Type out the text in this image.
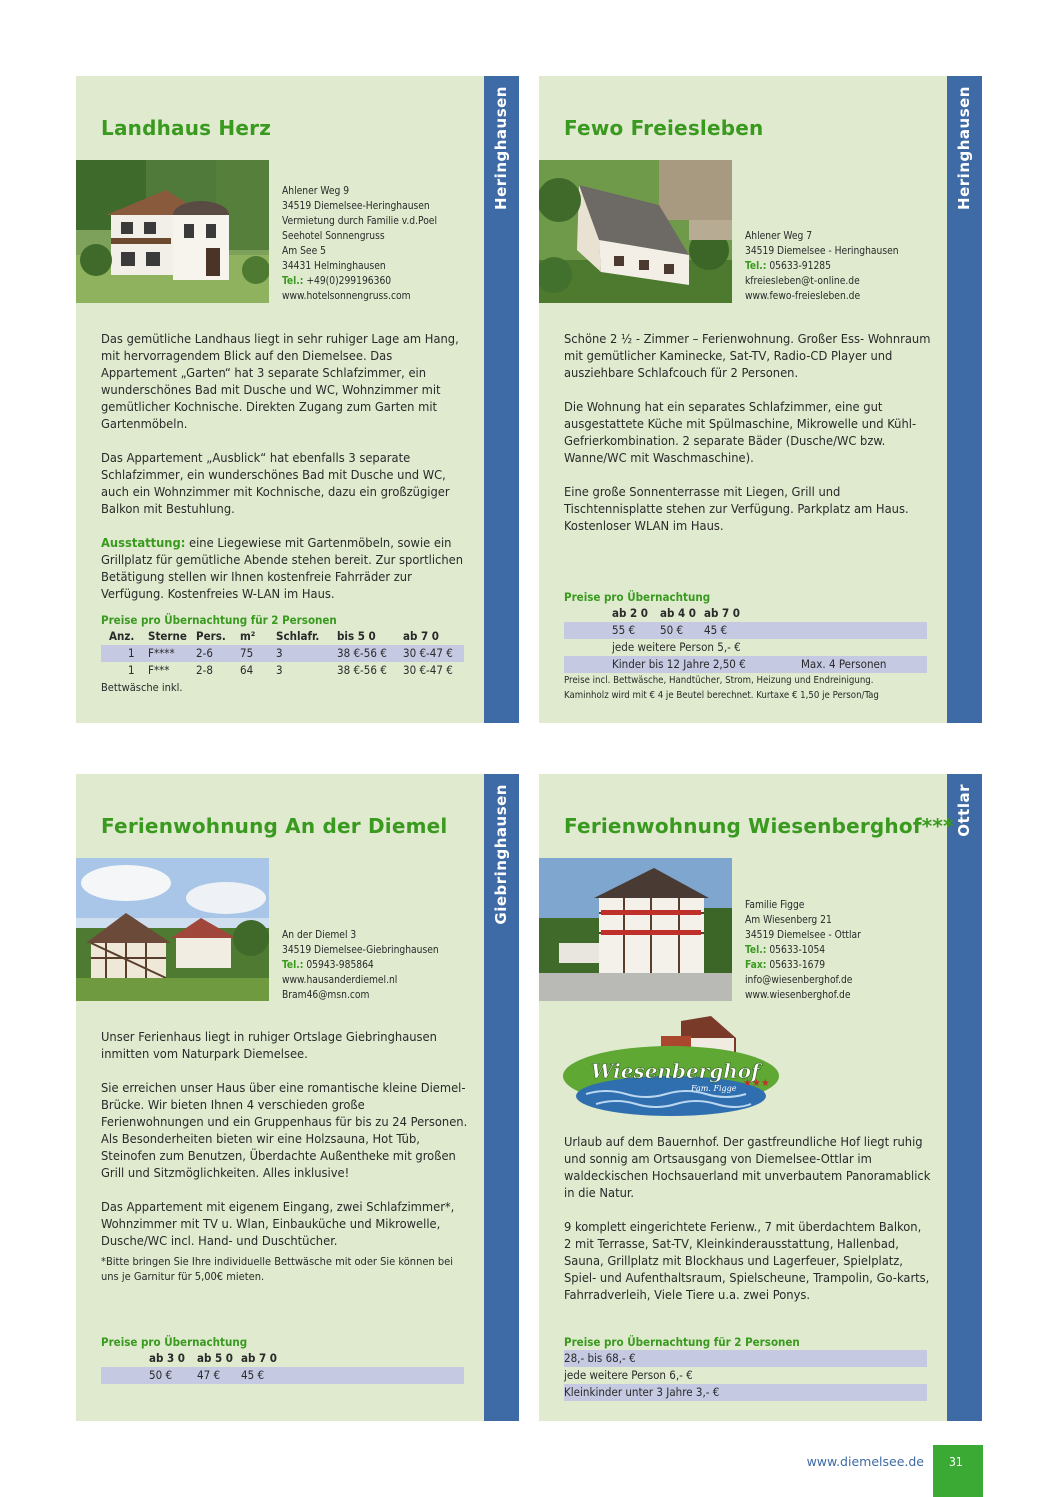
Heringhausen
Landhaus Herz
Ahlener Weg 9
34519 Diemelsee-Heringhausen
Vermietung durch Familie v.d.Poel
Seehotel Sonnengruss
Am See 5
34431 Helminghausen
Tel.: +49(0)299196360
www.hotelsonnengruss.com

Das gemütliche Landhaus liegt in sehr ruhiger Lage am Hang, mit hervorragendem Blick auf den Diemelsee. Das Appartement „Garten“ hat 3 separate Schlafzimmer, ein wunderschönes Bad mit Dusche und WC, Wohnzimmer mit gemütlicher Kochnische. Direkten Zugang zum Garten mit Gartenmöbeln.

Das Appartement „Ausblick“ hat ebenfalls 3 separate Schlafzimmer, ein wunderschönes Bad mit Dusche und WC, auch ein Wohnzimmer mit Kochnische, dazu ein großzügiger Balkon mit Bestuhlung.

Ausstattung: eine Liegewiese mit Gartenmöbeln, sowie ein Grillplatz für gemütliche Abende stehen bereit. Zur sportlichen Betätigung stellen wir Ihnen kostenfreie Fahrräder zur Verfügung. Kostenfreies W-LAN im Haus.

Preise pro Übernachtung für 2 Personen
Anz.	Sterne Pers.	m²	Schlafr.	bis 5 0	ab 7 0
1	F****	2-6	75	3	38 €-56 €	30 €-47 €
1	F***	2-8	64	3	38 €-56 €	30 €-47 €
Bettwäsche inkl.
Heringhausen
Fewo Freiesleben
Ahlener Weg 7
34519 Diemelsee - Heringhausen
Tel.: 05633-91285
kfreiesleben@t-online.de
www.fewo-freiesleben.de

Schöne 2 ½ - Zimmer – Ferienwohnung. Großer Ess- Wohnraum mit gemütlicher Kaminecke, Sat-TV, Radio-CD Player und ausziehbare Schlafcouch für 2 Personen.

Die Wohnung hat ein separates Schlafzimmer, eine gut ausgestattete Küche mit Spülmaschine, Mikrowelle und Kühl-Gefrierkombination. 2 separate Bäder (Dusche/WC bzw. Wanne/WC mit Waschmaschine).

Eine große Sonnenterrasse mit Liegen, Grill und Tischtennisplatte stehen zur Verfügung. Parkplatz am Haus. Kostenloser WLAN im Haus.

Preise pro Übernachtung
ab 2 0	ab 4 0 ab 7 0
55 €	50 €	45 €
jede weitere Person 5,- €
Kinder bis 12 Jahre 2,50 €	Max. 4 Personen
Preise incl. Bettwäsche, Handtücher, Strom, Heizung und Endreinigung.
Kaminholz wird mit € 4 je Beutel berechnet. Kurtaxe € 1,50 je Person/Tag
Giebringhausen
Ferienwohnung An der Diemel
An der Diemel 3
34519 Diemelsee-Giebringhausen
Tel.: 05943-985864
www.hausanderdiemel.nl
Bram46@msn.com

Unser Ferienhaus liegt in ruhiger Ortslage Giebringhausen inmitten vom Naturpark Diemelsee.

Sie erreichen unser Haus über eine romantische kleine Diemel-Brücke. Wir bieten Ihnen 4 verschieden große Ferienwohnungen und ein Gruppenhaus für bis zu 24 Personen. Als Besonderheiten bieten wir eine Holzsauna, Hot Tüb, Steinofen zum Benutzen, Überdachte Außentheke mit großen Grill und Sitzmöglichkeiten. Alles inklusive!

Das Appartement mit eigenem Eingang, zwei Schlafzimmer*, Wohnzimmer mit TV u. Wlan, Einbauküche und Mikrowelle, Dusche/WC incl. Hand- und Duschtücher.

*Bitte bringen Sie Ihre individuelle Bettwäsche mit oder Sie können bei uns je Garnitur für 5,00€ mieten.

Preise pro Übernachtung
ab 3 0	ab 5 0 ab 7 0
50 €	47 €	45 €
Ottlar
Ferienwohnung Wiesenberghof***
Familie Figge
Am Wiesenberg 21
34519 Diemelsee - Ottlar
Tel.: 05633-1054
Fax: 05633-1679
info@wiesenberghof.de
www.wiesenberghof.de
Wiesenberghof
Fam. Figge ★★★

Urlaub auf dem Bauernhof. Der gastfreundliche Hof liegt ruhig und sonnig am Ortsausgang von Diemelsee-Ottlar im waldeckischen Hochsauerland mit unverbautem Panoramablick in die Natur.

9 komplett eingerichtete Ferienw., 7 mit überdachtem Balkon, 2 mit Terrasse, Sat-TV, Kleinkinderausstattung, Hallenbad, Sauna, Grillplatz mit Blockhaus und Lagerfeuer, Spielplatz, Spiel- und Aufenthaltsraum, Spielscheune, Trampolin, Go-karts, Fahrradverleih, Viele Tiere u.a. zwei Ponys.

Preise pro Übernachtung für 2 Personen
28,- bis 68,- €
jede weitere Person 6,- €
Kleinkinder unter 3 Jahre 3,- €
www.diemelsee.de	31
